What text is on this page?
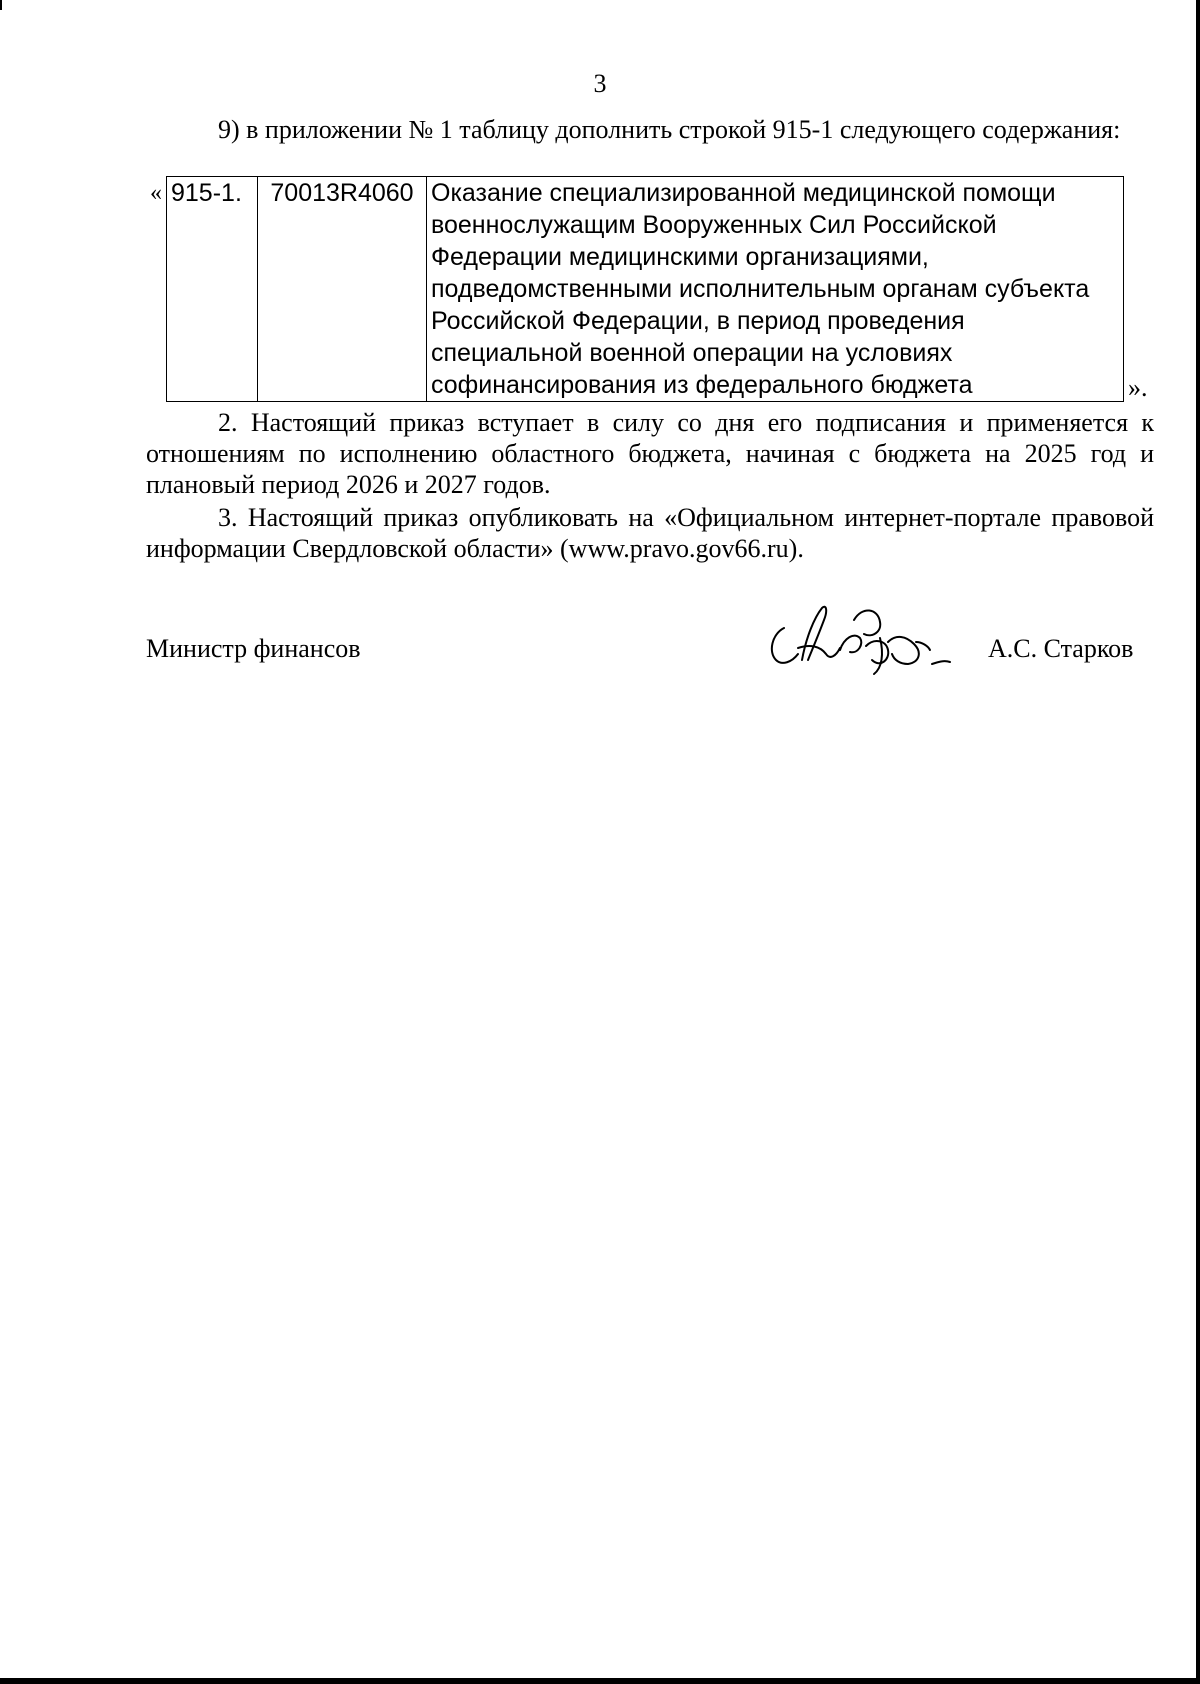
3

9) в приложении № 1 таблицу дополнить строкой 915-1 следующего содержания:

« 915-1.	70013R4060	Оказание специализированной медицинской помощи
военнослужащим Вооруженных Сил Российской
Федерации медицинскими организациями,
подведомственными исполнительным органам субъекта
Российской Федерации, в период проведения
специальной военной операции на условиях
софинансирования из федерального бюджета	».

2. Настоящий приказ вступает в силу со дня его подписания и применяется к отношениям по исполнению областного бюджета, начиная с бюджета на 2025 год и плановый период 2026 и 2027 годов.

3. Настоящий приказ опубликовать на «Официальном интернет-портале правовой информации Свердловской области» (www.pravo.gov66.ru).

Министр финансов	А.С. Старков
